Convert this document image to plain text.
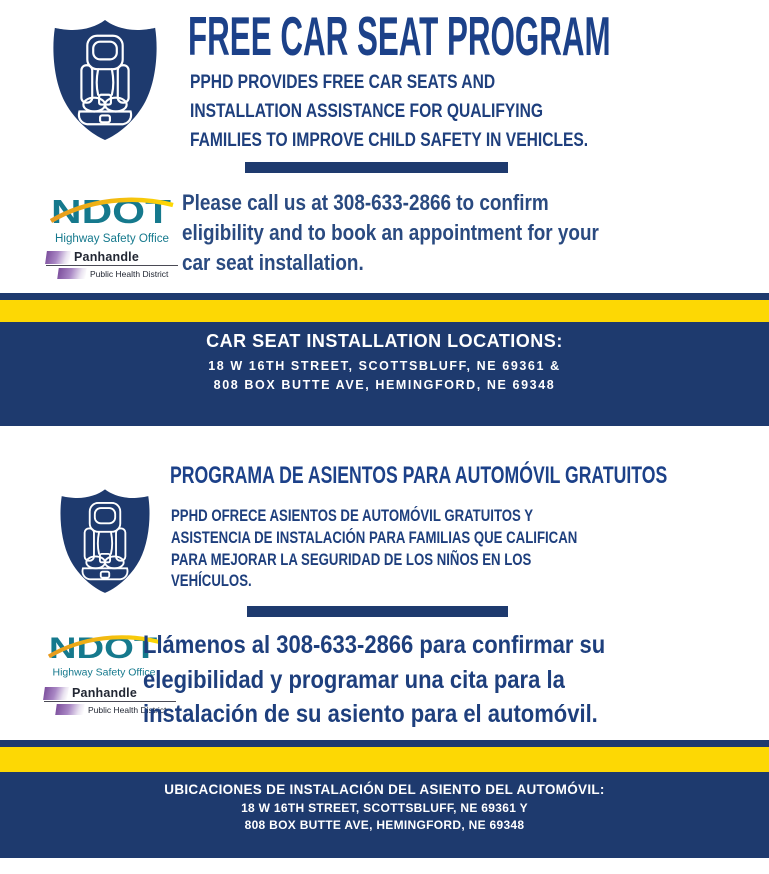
FREE CAR SEAT PROGRAM
PPHD PROVIDES FREE CAR SEATS AND
INSTALLATION ASSISTANCE FOR QUALIFYING
FAMILIES TO IMPROVE CHILD SAFETY IN VEHICLES.
NDOT
Highway Safety Office
Panhandle
Public Health District
Please call us at 308-633-2866 to confirm
eligibility and to book an appointment for your
car seat installation.
CAR SEAT INSTALLATION LOCATIONS:
18 W 16TH STREET, SCOTTSBLUFF, NE 69361 &
808 BOX BUTTE AVE, HEMINGFORD, NE 69348
PROGRAMA DE ASIENTOS PARA AUTOMÓVIL GRATUITOS
PPHD OFRECE ASIENTOS DE AUTOMÓVIL GRATUITOS Y
ASISTENCIA DE INSTALACIÓN PARA FAMILIAS QUE CALIFICAN
PARA MEJORAR LA SEGURIDAD DE LOS NIÑOS EN LOS
VEHÍCULOS.
NDOT
Highway Safety Office
Panhandle
Public Health District
Llámenos al 308-633-2866 para confirmar su
elegibilidad y programar una cita para la
instalación de su asiento para el automóvil.
UBICACIONES DE INSTALACIÓN DEL ASIENTO DEL AUTOMÓVIL:
18 W 16TH STREET, SCOTTSBLUFF, NE 69361 Y
808 BOX BUTTE AVE, HEMINGFORD, NE 69348
